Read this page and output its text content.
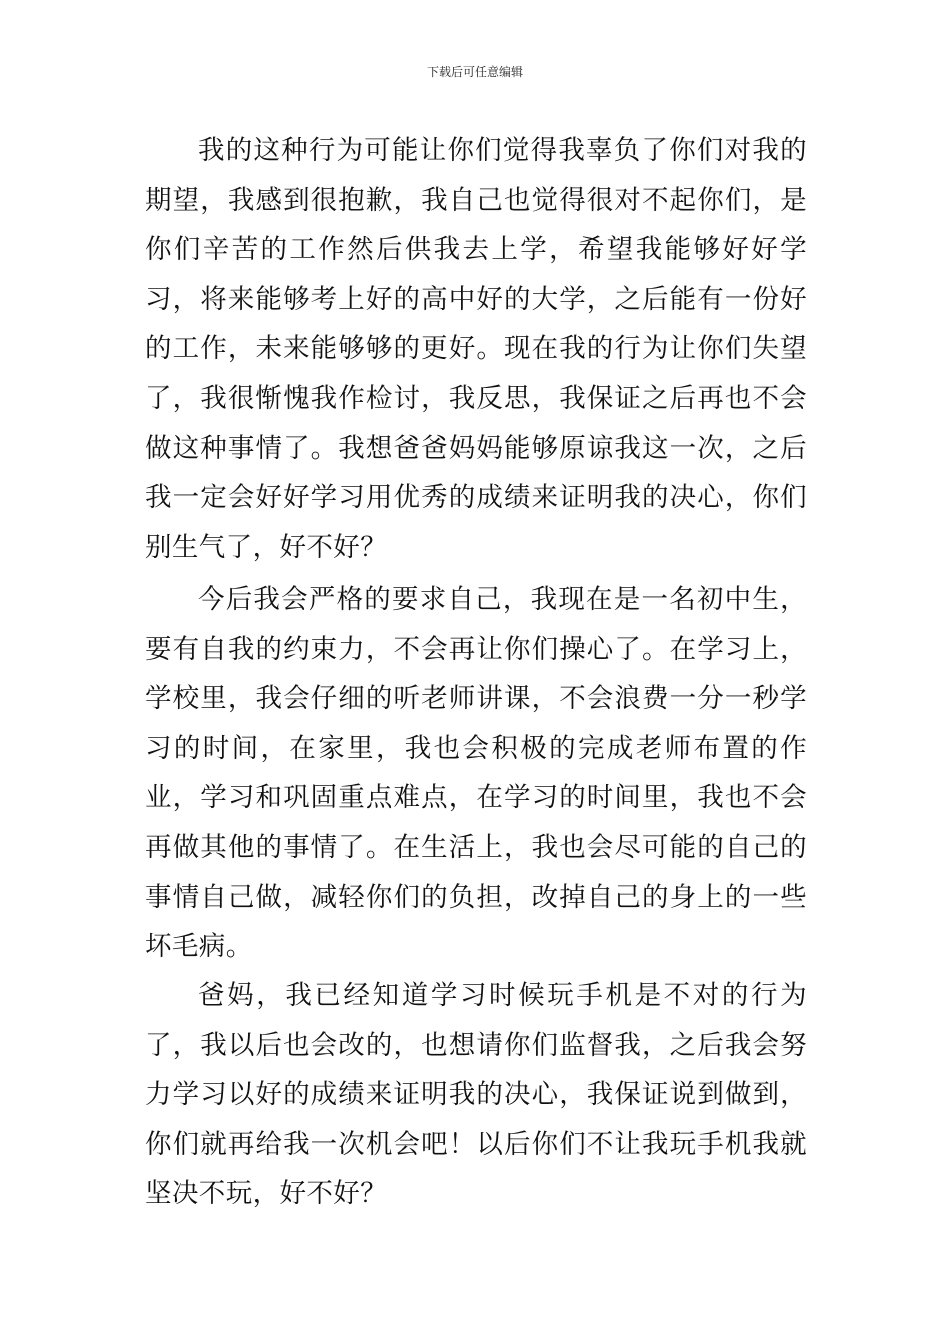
下载后可任意编辑

我的这种行为可能让你们觉得我辜负了你们对我的期望，我感到很抱歉，我自己也觉得很对不起你们，是你们辛苦的工作然后供我去上学，希望我能够好好学习，将来能够考上好的高中好的大学，之后能有一份好的工作，未来能够够的更好。现在我的行为让你们失望了，我很惭愧我作检讨，我反思，我保证之后再也不会做这种事情了。我想爸爸妈妈能够原谅我这一次，之后我一定会好好学习用优秀的成绩来证明我的决心，你们别生气了，好不好？

今后我会严格的要求自己，我现在是一名初中生，要有自我的约束力，不会再让你们操心了。在学习上，学校里，我会仔细的听老师讲课，不会浪费一分一秒学习的时间，在家里，我也会积极的完成老师布置的作业，学习和巩固重点难点，在学习的时间里，我也不会再做其他的事情了。在生活上，我也会尽可能的自己的事情自己做，减轻你们的负担，改掉自己的身上的一些坏毛病。

爸妈，我已经知道学习时候玩手机是不对的行为了，我以后也会改的，也想请你们监督我，之后我会努力学习以好的成绩来证明我的决心，我保证说到做到，你们就再给我一次机会吧！以后你们不让我玩手机我就坚决不玩，好不好？
